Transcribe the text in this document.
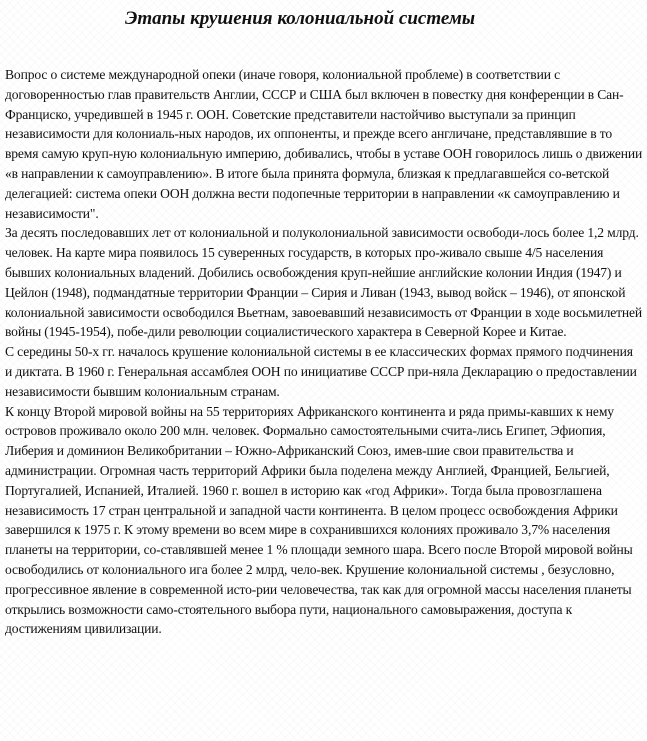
Этапы крушения колониальной системы

Вопрос о системе международной опеки (иначе говоря, колониальной проблеме) в соответствии с договоренностью глав правительств Англии, СССР и США был включен в повестку дня конференции в Сан-Франциско, учредившей в 1945 г. ООН. Советские представители настойчиво выступали за принцип независимости для колониаль-ных народов, их оппоненты, и прежде всего англичане, представлявшие в то время самую круп-ную колониальную империю, добивались, чтобы в уставе ООН говорилось лишь о движении «в направлении к самоуправлению». В итоге была принята формула, близкая к предлагавшейся со-ветской делегацией: система опеки ООН должна вести подопечные территории в направлении «к самоуправлению и независимости".

За десять последовавших лет от колониальной и полуколониальной зависимости освободи-лось более 1,2 млрд. человек. На карте мира появилось 15 суверенных государств, в которых про-живало свыше 4/5 населения бывших колониальных владений. Добились освобождения круп-нейшие английские колонии Индия (1947) и Цейлон (1948), подмандатные территории Франции – Сирия и Ливан (1943, вывод войск – 1946), от японской колониальной зависимости освободился Вьетнам, завоевавший независимость от Франции в ходе восьмилетней войны (1945-1954), побе-дили революции социалистического характера в Северной Корее и Китае.

С середины 50-х гг. началось крушение колониальной системы в ее классических формах прямого подчинения и диктата. В 1960 г. Генеральная ассамблея ООН по инициативе СССР при-няла Декларацию о предоставлении независимости бывшим колониальным странам.

К концу Второй мировой войны на 55 территориях Африканского континента и ряда примы-кавших к нему островов проживало около 200 млн. человек. Формально самостоятельными счита-лись Египет, Эфиопия, Либерия и доминион Великобритании – Южно-Африканский Союз, имев-шие свои правительства и администрации. Огромная часть территорий Африки была поделена между Англией, Францией, Бельгией, Португалией, Испанией, Италией. 1960 г. вошел в историю как «год Африки». Тогда была провозглашена независимость 17 стран центральной и западной части континента. В целом процесс освобождения Африки завершился к 1975 г. К этому времени во всем мире в сохранившихся колониях проживало 3,7% населения планеты на территории, со-ставлявшей менее 1 % площади земного шара. Всего после Второй мировой войны освободились от колониального ига более 2 млрд, чело-век. Крушение колониальной системы , безусловно, прогрессивное явление в современной исто-рии человечества, так как для огромной массы населения планеты открылись возможности само-стоятельного выбора пути, национального самовыражения, доступа к достижениям цивилизации.
